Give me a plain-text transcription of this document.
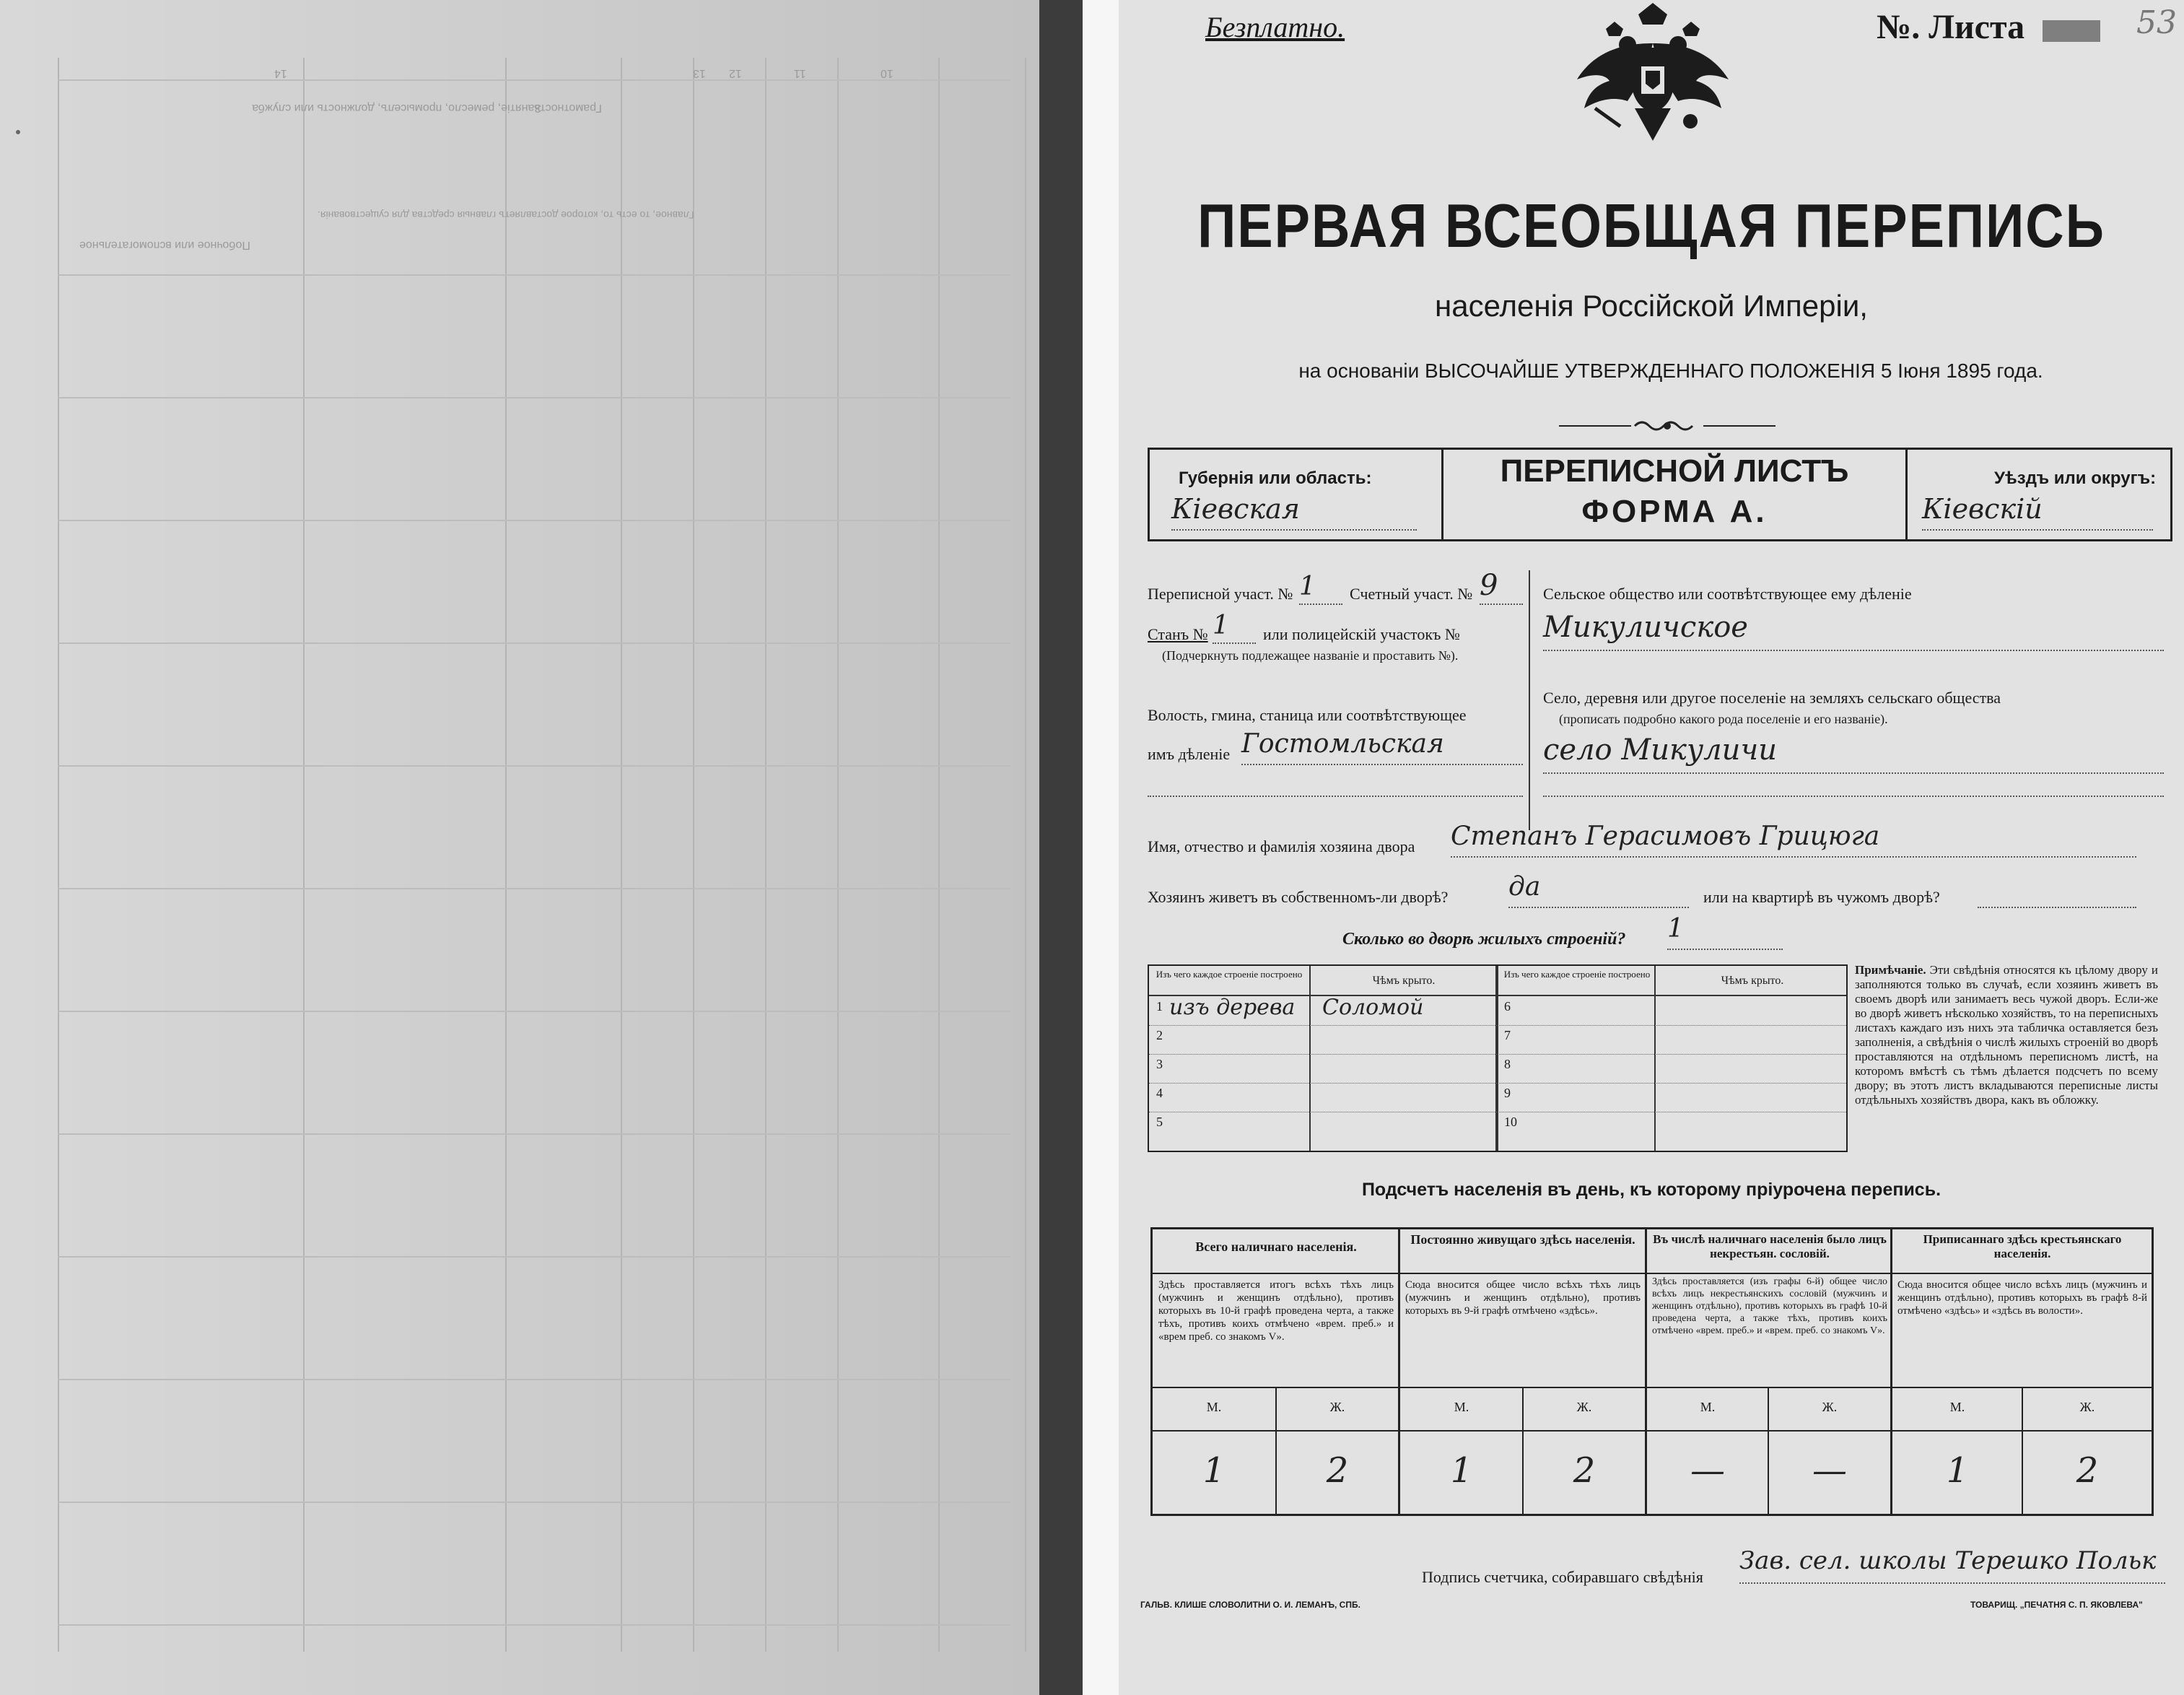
14	13 12	11	10
Занятіе, ремесло, промыселъ, должность или служба
Побочное или вспомогательное
Главное, то есть то, которое доставляетъ главныя средства для существованія.
Грамотность
Безплатно.	№. Листа	53
ПЕРВАЯ ВСЕОБЩАЯ ПЕРЕПИСЬ
населенія Россійской Имперіи,
на основаніи ВЫСОЧАЙШЕ УТВЕРЖДЕННАГО ПОЛОЖЕНІЯ 5 Іюня 1895 года.
Губернія или область:
Кіевская
ПЕРЕПИСНОЙ ЛИСТЪ
ФОРМА А.
Уѣздъ или округъ:
Кіевскій
Переписной участ. № 1	Счетный участ. № 9
Станъ № 1	или полицейскій участокъ №
(Подчеркнуть подлежащее названіе и проставить №).
Волость, гмина, станица или соотвѣтствующее
имъ дѣленіе Гостомльская
Сельское общество или соотвѣтствующее ему дѣленіе
Микуличское
Село, деревня или другое поселеніе на земляхъ сельскаго общества
(прописать подробно какого рода поселеніе и его названіе).
село Микуличи
Имя, отчество и фамилія хозяина двора Степанъ Герасимовъ Грицюга
Хозяинъ живетъ въ собственномъ-ли дворѣ? да	или на квартирѣ въ чужомъ дворѣ?
Сколько во дворѣ жилыхъ строеній? 1
Изъ чего каждое строеніе построено
Чѣмъ крыто.
Изъ чего каждое строеніе построено
Чѣмъ крыто.
1 изъ дерева Соломой
2
3
4
5
6
7
8
9
10
Примѣчаніе. Эти свѣдѣнія относятся къ цѣлому двору и заполняются только въ случаѣ, если хозяинъ живетъ въ своемъ дворѣ или занимаетъ весь чужой дворъ. Если-же во дворѣ живетъ нѣсколько хозяйствъ, то на переписныхъ листахъ каждаго изъ нихъ эта табличка оставляется безъ заполненія, а свѣдѣнія о числѣ жилыхъ строеній во дворѣ проставляются на отдѣльномъ переписномъ листѣ, на которомъ вмѣстѣ съ тѣмъ дѣлается подсчетъ по всему двору; въ этотъ листъ вкладываются переписные листы отдѣльныхъ хозяйствъ двора, какъ въ обложку.
Подсчетъ населенія въ день, къ которому пріурочена перепись.
Всего наличнаго населенія.
Здѣсь проставляется итогъ всѣхъ тѣхъ лицъ (мужчинъ и женщинъ отдѣльно), противъ которыхъ въ 10-й графѣ проведена черта, а также тѣхъ, противъ коихъ отмѣчено «врем. преб.» и «врем преб. со знакомъ V».
М.	Ж.
1	2
Постоянно живущаго здѣсь населенія.
Сюда вносится общее число всѣхъ тѣхъ лицъ (мужчинъ и женщинъ отдѣльно), противъ которыхъ въ 9-й графѣ отмѣчено «здѣсь».
М.	Ж.
1	2
Въ числѣ наличнаго населенія было лицъ некрестьян. сословій.
Здѣсь проставляется (изъ графы 6-й) общее число всѣхъ лицъ некрестьянскихъ сословій (мужчинъ и женщинъ отдѣльно), противъ которыхъ въ графѣ 10-й проведена черта, а также тѣхъ, противъ коихъ отмѣчено «врем. преб.» и «врем. преб. со знакомъ V».
М.	Ж.
—	—
Приписаннаго здѣсь крестьянскаго населенія.
Сюда вносится общее число всѣхъ лицъ (мужчинъ и женщинъ отдѣльно), противъ которыхъ въ графѣ 8-й отмѣчено «здѣсь» и «здѣсь въ волости».
М.	Ж.
1	2
Подпись счетчика, собиравшаго свѣдѣнія
Зав. сел. школы Терешко Польк
ГАЛЬВ. КЛИШЕ СЛОВОЛИТНИ О. И. ЛЕМАНЪ, СПБ.	ТОВАРИЩ. „ПЕЧАТНЯ С. П. ЯКОВЛЕВА"
